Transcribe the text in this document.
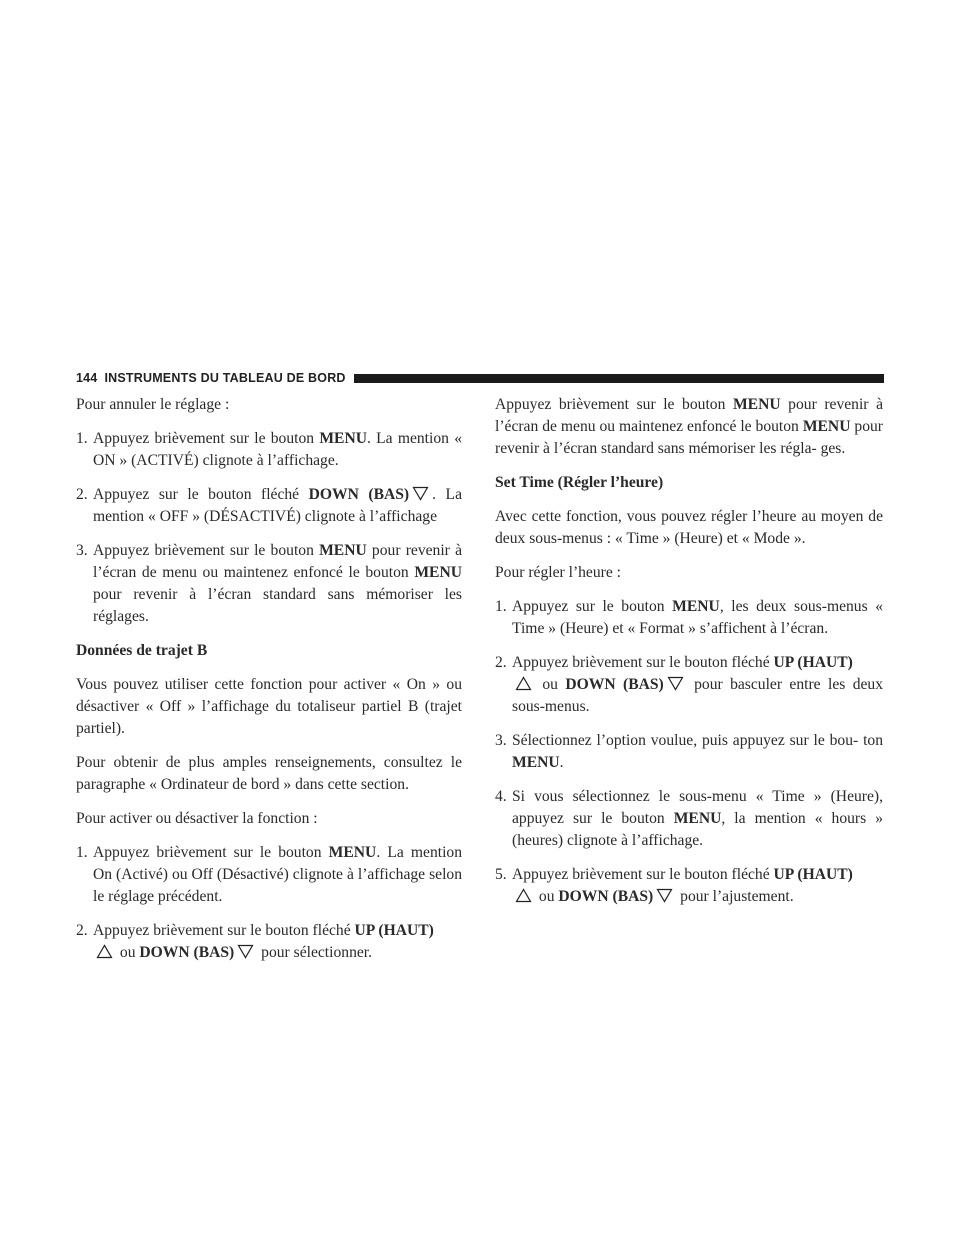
144 INSTRUMENTS DU TABLEAU DE BORD

Pour annuler le réglage :

1. Appuyez brièvement sur le bouton MENU. La mention « ON » (ACTIVÉ) clignote à l’affichage.
2. Appuyez sur le bouton fléché DOWN (BAS) . La mention « OFF » (DÉSACTIVÉ) clignote à l’affichage
3. Appuyez brièvement sur le bouton MENU pour revenir à l’écran de menu ou maintenez enfoncé le bouton MENU pour revenir à l’écran standard sans mémoriser les réglages.

Données de trajet B

Vous pouvez utiliser cette fonction pour activer « On » ou désactiver « Off » l’affichage du totaliseur partiel B (trajet partiel).

Pour obtenir de plus amples renseignements, consultez le paragraphe « Ordinateur de bord » dans cette section.

Pour activer ou désactiver la fonction :

1. Appuyez brièvement sur le bouton MENU. La mention On (Activé) ou Off (Désactivé) clignote à l’affichage selon le réglage précédent.
2. Appuyez brièvement sur le bouton fléché UP (HAUT)

ou DOWN (BAS)
pour sélectionner.

Appuyez brièvement sur le bouton MENU pour revenir à l’écran de menu ou maintenez enfoncé le bouton MENU pour revenir à l’écran standard sans mémoriser les régla- ges.

Set Time (Régler l’heure)

Avec cette fonction, vous pouvez régler l’heure au moyen de deux sous-menus : « Time » (Heure) et « Mode ».

Pour régler l’heure :

1. Appuyez sur le bouton MENU, les deux sous-menus « Time » (Heure) et « Format » s’affichent à l’écran.
2. Appuyez brièvement sur le bouton fléché UP (HAUT)

ou DOWN (BAS)
pour basculer entre les deux sous-menus.
3. Sélectionnez l’option voulue, puis appuyez sur le bou- ton MENU.
4. Si vous sélectionnez le sous-menu « Time » (Heure), appuyez sur le bouton MENU, la mention « hours » (heures) clignote à l’affichage.
5. Appuyez brièvement sur le bouton fléché UP (HAUT)

ou DOWN (BAS)
pour l’ajustement.
